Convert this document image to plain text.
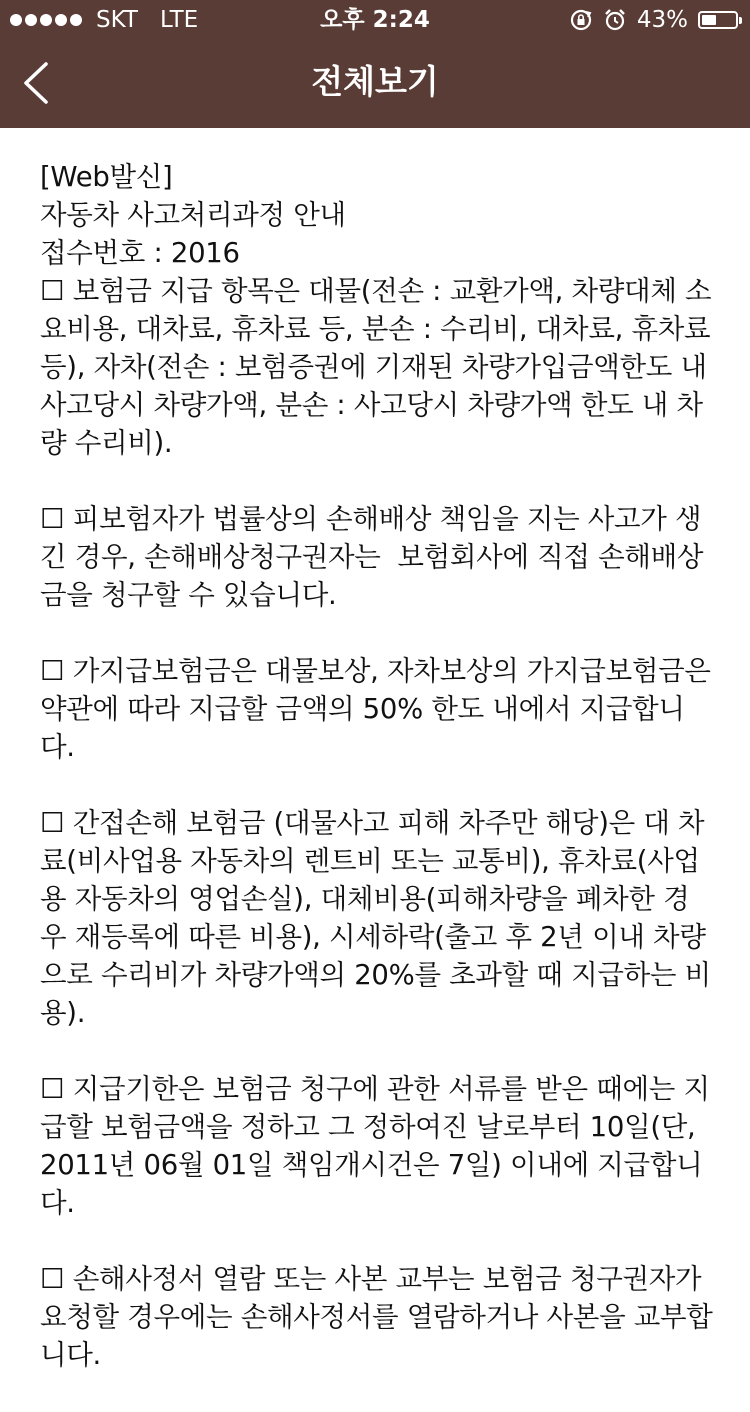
SKT LTE	오후 2:24	43%
전체보기

[Web발신]

자동차 사고처리과정 안내

접수번호 : 2016

☐ 보험금 지급 항목은 대물(전손 : 교환가액, 차량대체 소요비용, 대차료, 휴차료 등, 분손 : 수리비, 대차료, 휴차료 등), 자차(전손 : 보험증권에 기재된 차량가입금액한도 내 사고당시 차량가액, 분손 : 사고당시 차량가액 한도 내 차량 수리비).

☐ 피보험자가 법률상의 손해배상 책임을 지는 사고가 생긴 경우, 손해배상청구권자는  보험회사에 직접 손해배상금을 청구할 수 있습니다.

☐ 가지급보험금은 대물보상, 자차보상의 가지급보험금은 약관에 따라 지급할 금액의 50% 한도 내에서 지급합니다.

☐ 간접손해 보험금 (대물사고 피해 차주만 해당)은 대 차료(비사업용 자동차의 렌트비 또는 교통비), 휴차료(사업용 자동차의 영업손실), 대체비용(피해차량을 폐차한 경우 재등록에 따른 비용), 시세하락(출고 후 2년 이내 차량으로 수리비가 차량가액의 20%를 초과할 때 지급하는 비용).

☐ 지급기한은 보험금 청구에 관한 서류를 받은 때에는 지급할 보험금액을 정하고 그 정하여진 날로부터 10일(단, 2011년 06월 01일 책임개시건은 7일) 이내에 지급합니다.

☐ 손해사정서 열람 또는 사본 교부는 보험금 청구권자가 요청할 경우에는 손해사정서를 열람하거나 사본을 교부합니다.
